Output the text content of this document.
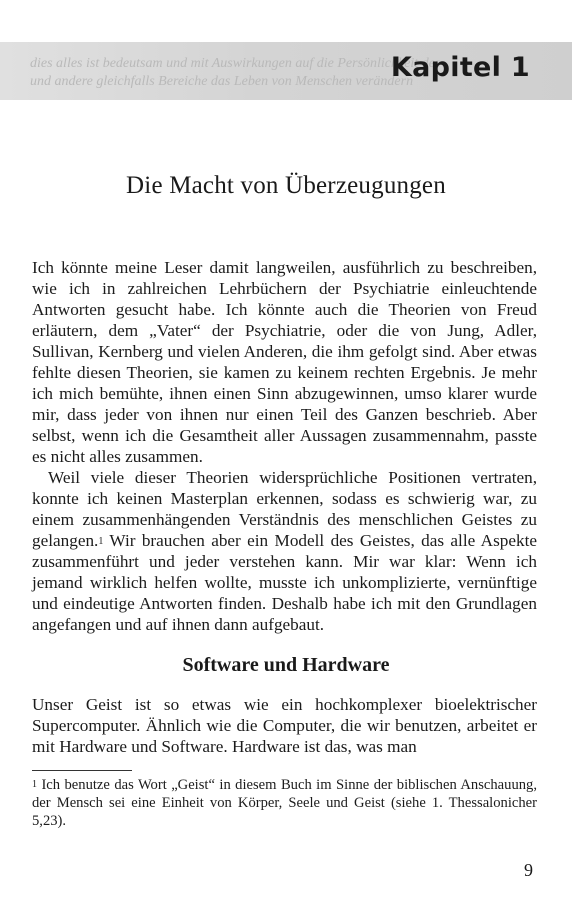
dies alles ist bedeutsam und mit Auswirkungen auf die Persönlichkeit des
und andere gleichfalls Bereiche das Leben von Menschen verändern
Kapitel 1
Die Macht von Überzeugungen

Ich könnte meine Leser damit langweilen, ausführlich zu beschreiben, wie ich in zahlreichen Lehrbüchern der Psychiatrie einleuchtende Antworten gesucht habe. Ich könnte auch die Theorien von Freud erläutern, dem „Vater“ der Psychiatrie, oder die von Jung, Adler, Sullivan, Kernberg und vielen Anderen, die ihm gefolgt sind. Aber etwas fehlte diesen Theorien, sie kamen zu keinem rechten Ergebnis. Je mehr ich mich bemühte, ihnen einen Sinn abzugewinnen, umso klarer wurde mir, dass jeder von ihnen nur einen Teil des Ganzen beschrieb. Aber selbst, wenn ich die Gesamtheit aller Aussagen zusammennahm, passte es nicht alles zusammen.

Weil viele dieser Theorien widersprüchliche Positionen vertraten, konnte ich keinen Masterplan erkennen, sodass es schwierig war, zu einem zusammenhängenden Verständnis des menschlichen Geistes zu gelangen.$^1$ Wir brauchen aber ein Modell des Geistes, das alle Aspekte zusammenführt und jeder verstehen kann. Mir war klar: Wenn ich jemand wirklich helfen wollte, musste ich unkomplizierte, vernünftige und eindeutige Antworten finden. Deshalb habe ich mit den Grundlagen angefangen und auf ihnen dann aufgebaut.

Software und Hardware

Unser Geist ist so etwas wie ein hochkomplexer bioelektrischer Supercomputer. Ähnlich wie die Computer, die wir benutzen, arbeitet er mit Hardware und Software. Hardware ist das, was man

$^1$ Ich benutze das Wort „Geist“ in diesem Buch im Sinne der biblischen Anschauung, der Mensch sei eine Einheit von Körper, Seele und Geist (siehe 1. Thessalonicher 5,23).

9
